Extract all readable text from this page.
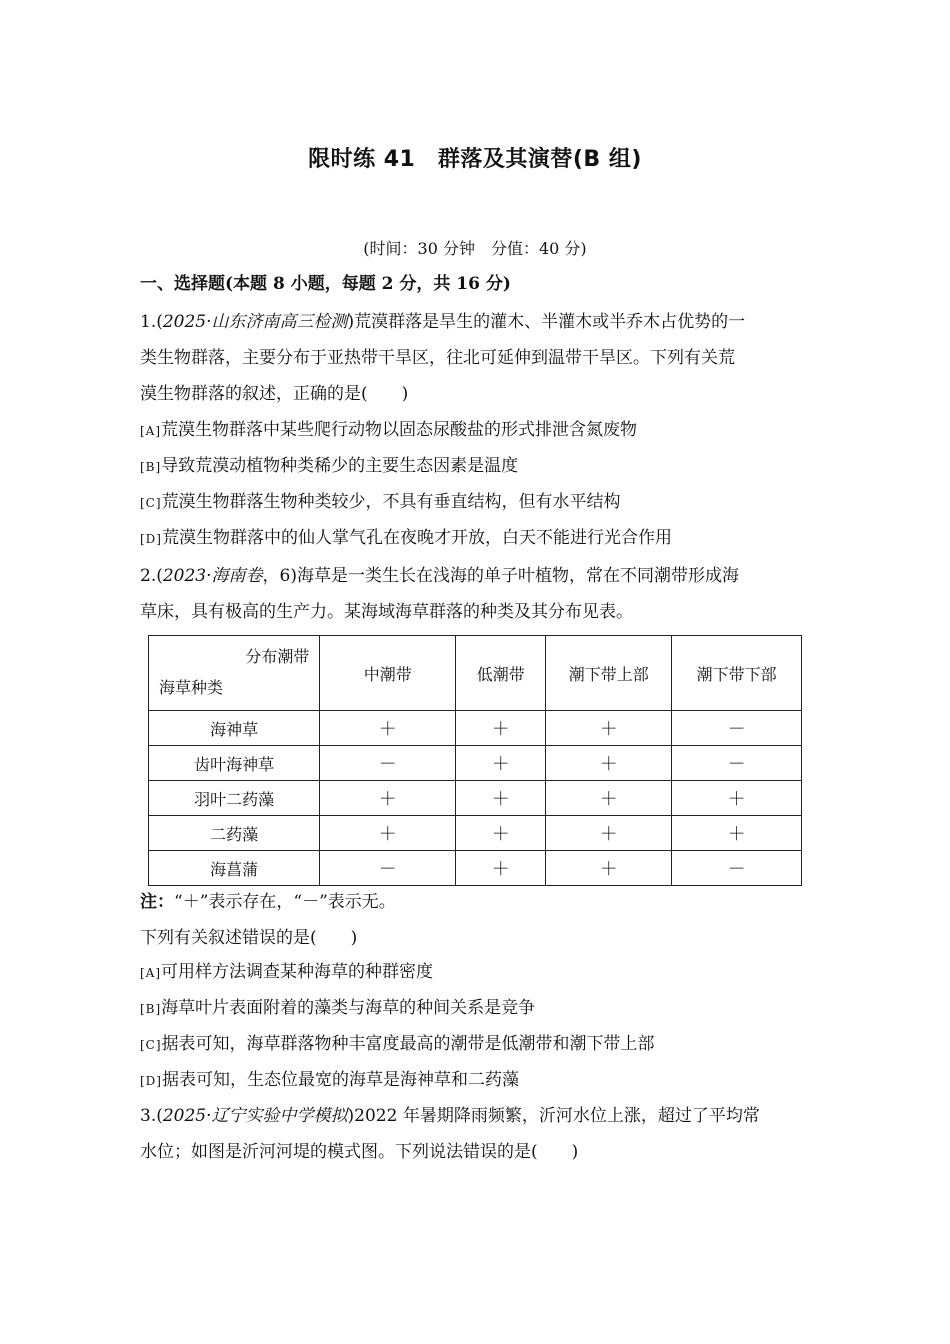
限时练 41　群落及其演替(B 组)
(时间：30 分钟　分值：40 分)
一、选择题(本题 8 小题，每题 2 分，共 16 分)
1.(2025·山东济南高三检测)荒漠群落是旱生的灌木、半灌木或半乔木占优势的一
类生物群落，主要分布于亚热带干旱区，往北可延伸到温带干旱区。下列有关荒
漠生物群落的叙述，正确的是(　　)
[A]荒漠生物群落中某些爬行动物以固态尿酸盐的形式排泄含氮废物
[B]导致荒漠动植物种类稀少的主要生态因素是温度
[C]荒漠生物群落生物种类较少，不具有垂直结构，但有水平结构
[D]荒漠生物群落中的仙人掌气孔在夜晚才开放，白天不能进行光合作用
2.(2023·海南卷，6)海草是一类生长在浅海的单子叶植物，常在不同潮带形成海
草床，具有极高的生产力。某海域海草群落的种类及其分布见表。
分布潮带
海草种类	中潮带	低潮带	潮下带上部	潮下带下部
海神草	＋	＋	＋	－
齿叶海神草	－	＋	＋	－
羽叶二药藻	＋	＋	＋	＋
二药藻	＋	＋	＋	＋
海菖蒲	－	＋	＋	－
注：“＋”表示存在，“－”表示无。
下列有关叙述错误的是(　　)
[A]可用样方法调查某种海草的种群密度
[B]海草叶片表面附着的藻类与海草的种间关系是竞争
[C]据表可知，海草群落物种丰富度最高的潮带是低潮带和潮下带上部
[D]据表可知，生态位最宽的海草是海神草和二药藻
3.(2025·辽宁实验中学模拟)2022 年暑期降雨频繁，沂河水位上涨，超过了平均常
水位；如图是沂河河堤的模式图。下列说法错误的是(　　)
